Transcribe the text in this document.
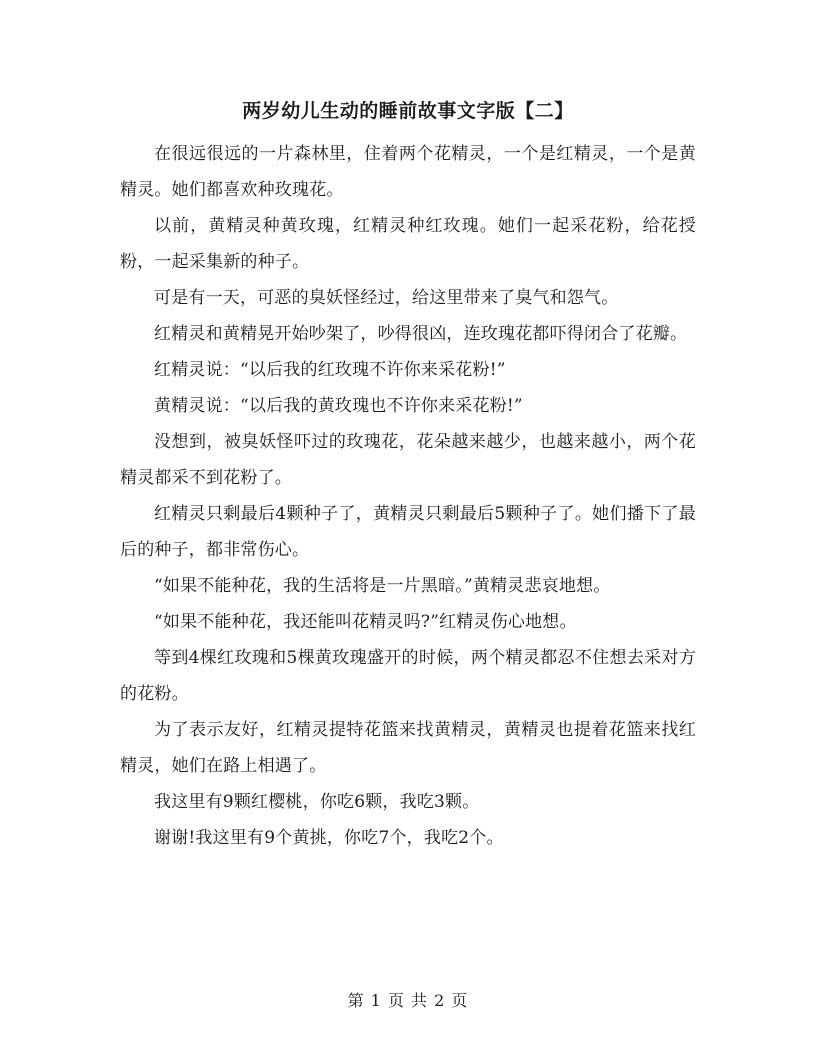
两岁幼儿生动的睡前故事文字版【二】

在很远很远的一片森林里，住着两个花精灵，一个是红精灵，一个是黄精灵。她们都喜欢种玫瑰花。

以前，黄精灵种黄玫瑰，红精灵种红玫瑰。她们一起采花粉，给花授粉，一起采集新的种子。

可是有一天，可恶的臭妖怪经过，给这里带来了臭气和怨气。

红精灵和黄精晃开始吵架了，吵得很凶，连玫瑰花都吓得闭合了花瓣。

红精灵说：“以后我的红玫瑰不许你来采花粉!”

黄精灵说：“以后我的黄玫瑰也不许你来采花粉!”

没想到，被臭妖怪吓过的玫瑰花，花朵越来越少，也越来越小，两个花精灵都采不到花粉了。

红精灵只剩最后4颗种子了，黄精灵只剩最后5颗种子了。她们播下了最后的种子，都非常伤心。

“如果不能种花，我的生活将是一片黑暗。”黄精灵悲哀地想。

“如果不能种花，我还能叫花精灵吗?”红精灵伤心地想。

等到4棵红玫瑰和5棵黄玫瑰盛开的时候，两个精灵都忍不住想去采对方的花粉。

为了表示友好，红精灵提特花篮来找黄精灵，黄精灵也提着花篮来找红精灵，她们在路上相遇了。

我这里有9颗红樱桃，你吃6颗，我吃3颗。

谢谢!我这里有9个黄挑，你吃7个，我吃2个。

第 1 页 共 2 页
